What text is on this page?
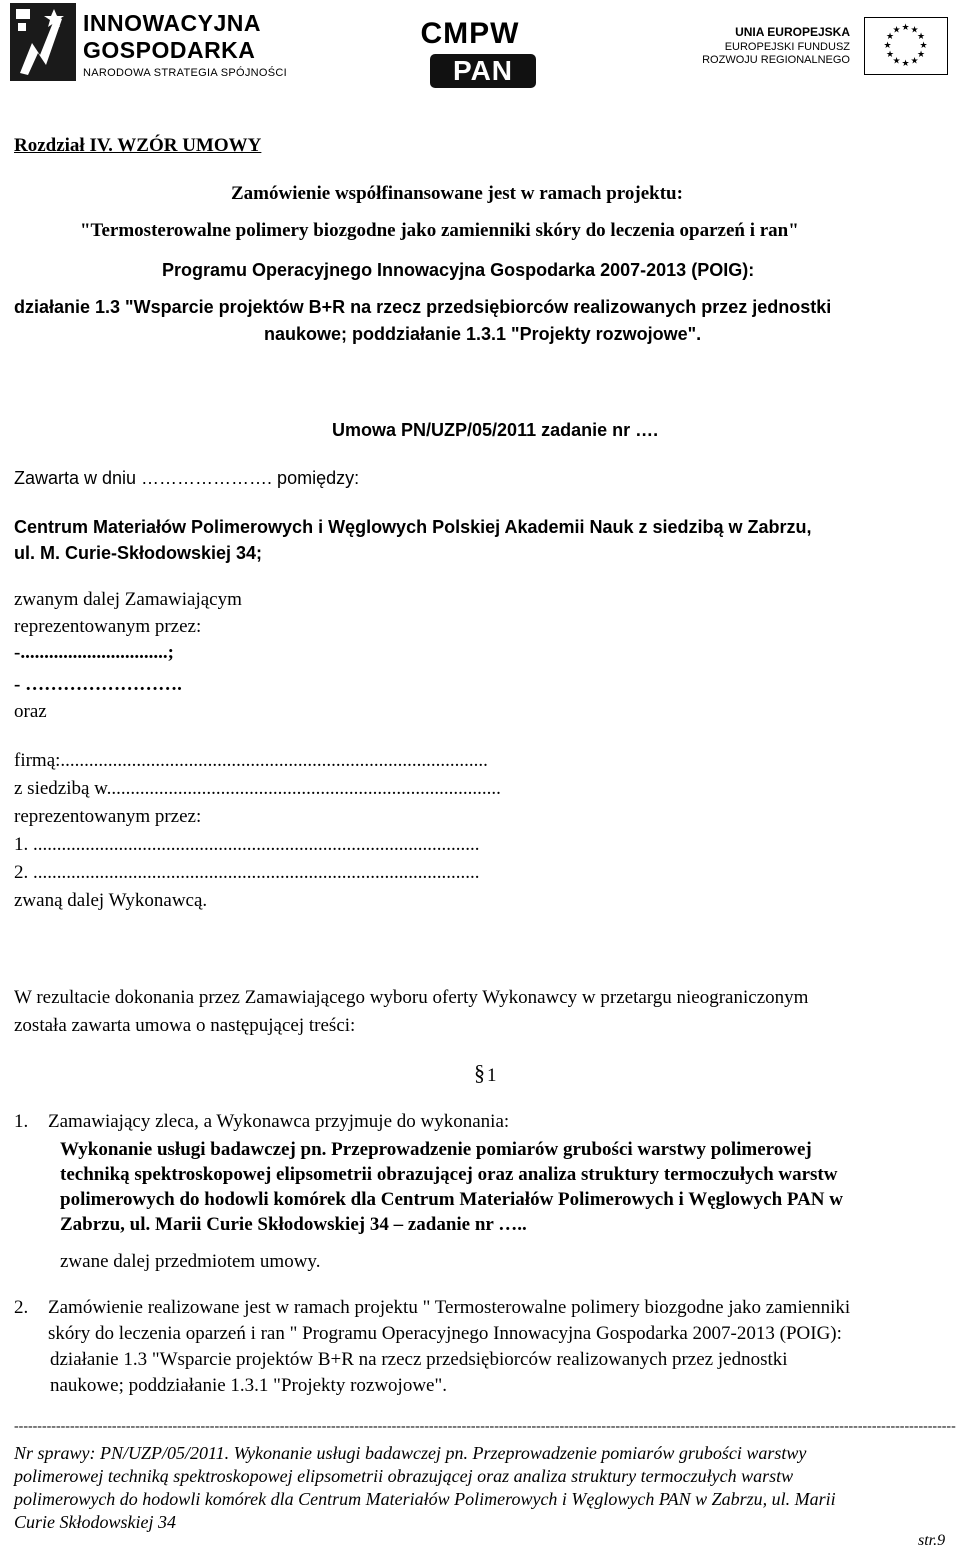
INNOWACYJNA
GOSPODARKA
NARODOWA STRATEGIA SPÓJNOŚCI
CMPW
PAN
UNIA EUROPEJSKA
EUROPEJSKI FUNDUSZ
ROZWOJU REGIONALNEGO
★ ★
★
★
★
★
★
★
★
★
★
★
Rozdział IV. WZÓR UMOWY
Zamówienie współfinansowane jest w ramach projektu:
"Termosterowalne polimery biozgodne jako zamienniki skóry do leczenia oparzeń i ran"
Programu Operacyjnego Innowacyjna Gospodarka 2007-2013 (POIG):
działanie 1.3 "Wsparcie projektów B+R na rzecz przedsiębiorców realizowanych przez jednostki
naukowe; poddziałanie 1.3.1 "Projekty rozwojowe".
Umowa PN/UZP/05/2011 zadanie nr ….
Zawarta w dniu …………………. pomiędzy:
Centrum Materiałów Polimerowych i Węglowych Polskiej Akademii Nauk z siedzibą w Zabrzu,
ul. M. Curie-Skłodowskiej 34;
zwanym dalej Zamawiającym
reprezentowanym przez:
-...............................;
- …………………….
oraz
firmą:..........................................................................................
z siedzibą w...................................................................................
reprezentowanym przez:
1. ..............................................................................................
2. ..............................................................................................
zwaną dalej Wykonawcą.
W rezultacie dokonania przez Zamawiającego wyboru oferty Wykonawcy w przetargu nieograniczonym
została zawarta umowa o następującej treści:
§ 1
1. Zamawiający zleca, a Wykonawca przyjmuje do wykonania:
Wykonanie usługi badawczej pn. Przeprowadzenie pomiarów grubości warstwy polimerowej
techniką spektroskopowej elipsometrii obrazującej oraz analiza struktury termoczułych warstw
polimerowych do hodowli komórek dla Centrum Materiałów Polimerowych i Węglowych PAN w
Zabrzu, ul. Marii Curie Skłodowskiej 34 – zadanie nr …..
zwane dalej przedmiotem umowy.
2. Zamówienie realizowane jest w ramach projektu " Termosterowalne polimery biozgodne jako zamienniki
skóry do leczenia oparzeń i ran " Programu Operacyjnego Innowacyjna Gospodarka 2007-2013 (POIG):
działanie 1.3 "Wsparcie projektów B+R na rzecz przedsiębiorców realizowanych przez jednostki
naukowe; poddziałanie 1.3.1 "Projekty rozwojowe".
-----
Nr sprawy: PN/UZP/05/2011. Wykonanie usługi badawczej pn. Przeprowadzenie pomiarów grubości warstwy
polimerowej techniką spektroskopowej elipsometrii obrazującej oraz analiza struktury termoczułych warstw
polimerowych do hodowli komórek dla Centrum Materiałów Polimerowych i Węglowych PAN w Zabrzu, ul. Marii
Curie Skłodowskiej 34
str.9
